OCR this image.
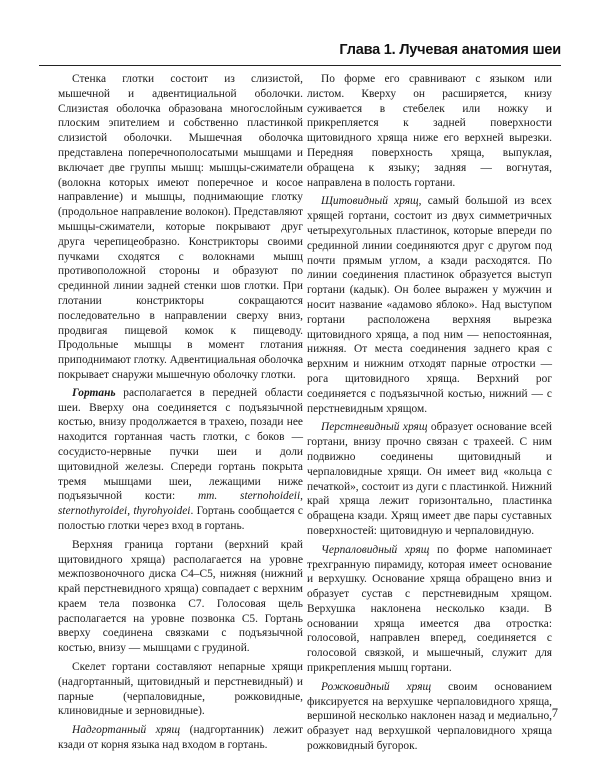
Глава 1. Лучевая анатомия шеи

Стенка глотки состоит из слизистой, мышечной и адвентициальной оболочки. Слизистая оболочка образована многослойным плоским эпителием и собственно пластинкой слизистой оболочки. Мышечная оболочка представлена поперечнополосатыми мышцами и включает две группы мышц: мышцы-сжиматели (волокна которых имеют поперечное и косое направление) и мышцы, поднимающие глотку (продольное направление волокон). Представляют мышцы-сжиматели, которые покрывают друг друга черепицеобразно. Констрикторы своими пучками сходятся с волокнами мышц противоположной стороны и образуют по срединной линии задней стенки шов глотки. При глотании констрикторы сокращаются последовательно в направлении сверху вниз, продвигая пищевой комок к пищеводу. Продольные мышцы в момент глотания приподнимают глотку. Адвентициальная оболочка покрывает снаружи мышечную оболочку глотки.

Гортань располагается в передней области шеи. Вверху она соединяется с подъязычной костью, внизу продолжается в трахею, позади нее находится гортанная часть глотки, с боков — сосудисто-нервные пучки шеи и доли щитовидной железы. Спереди гортань покрыта тремя мышцами шеи, лежащими ниже подъязычной кости: mm. sternohoideii, sternothyroidei, thyrohyoidei. Гортань сообщается с полостью глотки через вход в гортань.

Верхняя граница гортани (верхний край щитовидного хряща) располагается на уровне межпозвоночного диска C4–C5, нижняя (нижний край перстневидного хряща) совпадает с верхним краем тела позвонка C7. Голосовая щель располагается на уровне позвонка C5. Гортань вверху соединена связками с подъязычной костью, внизу — мышцами с грудиной.

Скелет гортани составляют непарные хрящи (надгортанный, щитовидный и перстневидный) и парные (черпаловидные, рожковидные, клиновидные и зерновидные).

Надгортанный хрящ (надгортанник) лежит кзади от корня языка над входом в гортань.

По форме его сравнивают с языком или листом. Кверху он расширяется, книзу суживается в стебелек или ножку и прикрепляется к задней поверхности щитовидного хряща ниже его верхней вырезки. Передняя поверхность хряща, выпуклая, обращена к языку; задняя — вогнутая, направлена в полость гортани.

Щитовидный хрящ, самый большой из всех хрящей гортани, состоит из двух симметричных четырехугольных пластинок, которые впереди по срединной линии соединяются друг с другом под почти прямым углом, а кзади расходятся. По линии соединения пластинок образуется выступ гортани (кадык). Он более выражен у мужчин и носит название «адамово яблоко». Над выступом гортани расположена верхняя вырезка щитовидного хряща, а под ним — непостоянная, нижняя. От места соединения заднего края с верхним и нижним отходят парные отростки — рога щитовидного хряща. Верхний рог соединяется с подъязычной костью, нижний — с перстневидным хрящом.

Перстневидный хрящ образует основание всей гортани, внизу прочно связан с трахеей. С ним подвижно соединены щитовидный и черпаловидные хрящи. Он имеет вид «кольца с печаткой», состоит из дуги с пластинкой. Нижний край хряща лежит горизонтально, пластинка обращена кзади. Хрящ имеет две пары суставных поверхностей: щитовидную и черпаловидную.

Черпаловидный хрящ по форме напоминает трехгранную пирамиду, которая имеет основание и верхушку. Основание хряща обращено вниз и образует сустав с перстневидным хрящом. Верхушка наклонена несколько кзади. В основании хряща имеется два отростка: голосовой, направлен вперед, соединяется с голосовой связкой, и мышечный, служит для прикрепления мышц гортани.

Рожковидный хрящ своим основанием фиксируется на верхушке черпаловидного хряща, вершиной несколько наклонен назад и медиально, образует над верхушкой черпаловидного хряща рожковидный бугорок.

7
